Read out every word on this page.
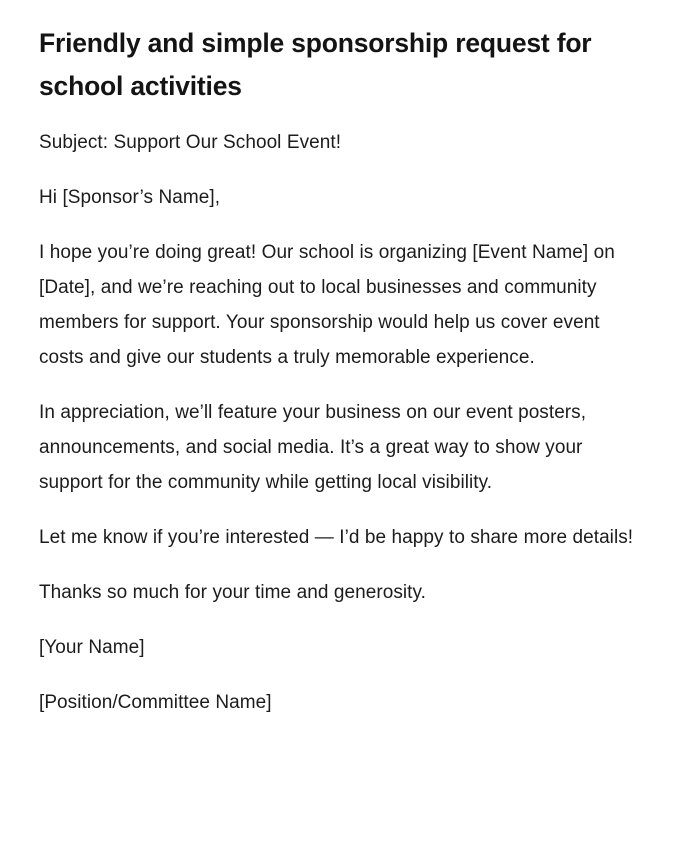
Friendly and simple sponsorship request for school activities

Subject: Support Our School Event!

Hi [Sponsor’s Name],

I hope you’re doing great! Our school is organizing [Event Name] on [Date], and we’re reaching out to local businesses and community members for support. Your sponsorship would help us cover event costs and give our students a truly memorable experience.

In appreciation, we’ll feature your business on our event posters, announcements, and social media. It’s a great way to show your support for the community while getting local visibility.

Let me know if you’re interested — I’d be happy to share more details!

Thanks so much for your time and generosity.

[Your Name]

[Position/Committee Name]
